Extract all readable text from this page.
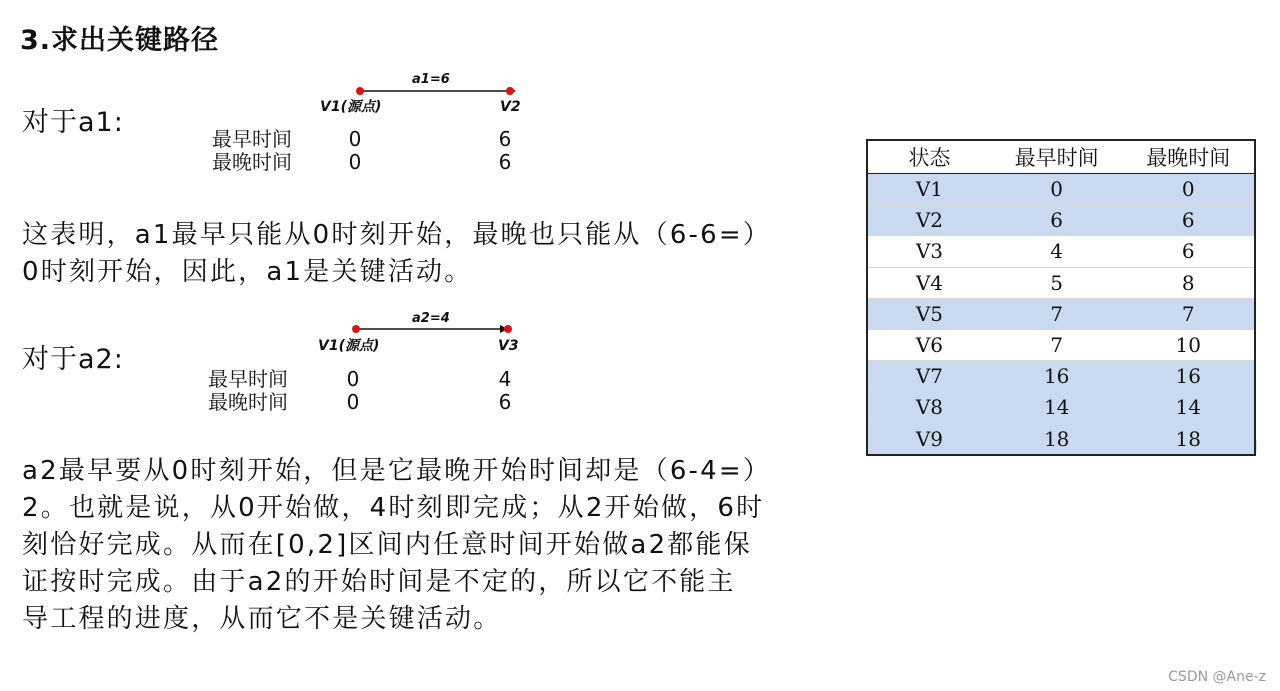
3.求出关键路径
对于a1:
a1=6
V1(源点)	V2
最早时间	0	6
最晚时间	0	6

这表明，a1最早只能从0时刻开始，最晚也只能从（6-6=）

0时刻开始，因此，a1是关键活动。

对于a2:
a2=4
V1(源点)	V3
最早时间	0	4
最晚时间	0	6

a2最早要从0时刻开始，但是它最晚开始时间却是（6-4=）

2。也就是说，从0开始做，4时刻即完成；从2开始做，6时

刻恰好完成。从而在[0,2]区间内任意时间开始做a2都能保

证按时完成。由于a2的开始时间是不定的，所以它不能主

导工程的进度，从而它不是关键活动。

状态	最早时间	最晚时间
V1	0	0
V2	6	6
V3	4	6
V4	5	8
V5	7	7
V6	7	10
V7	16	16
V8	14	14
V9	18	18
CSDN @Ane-z
